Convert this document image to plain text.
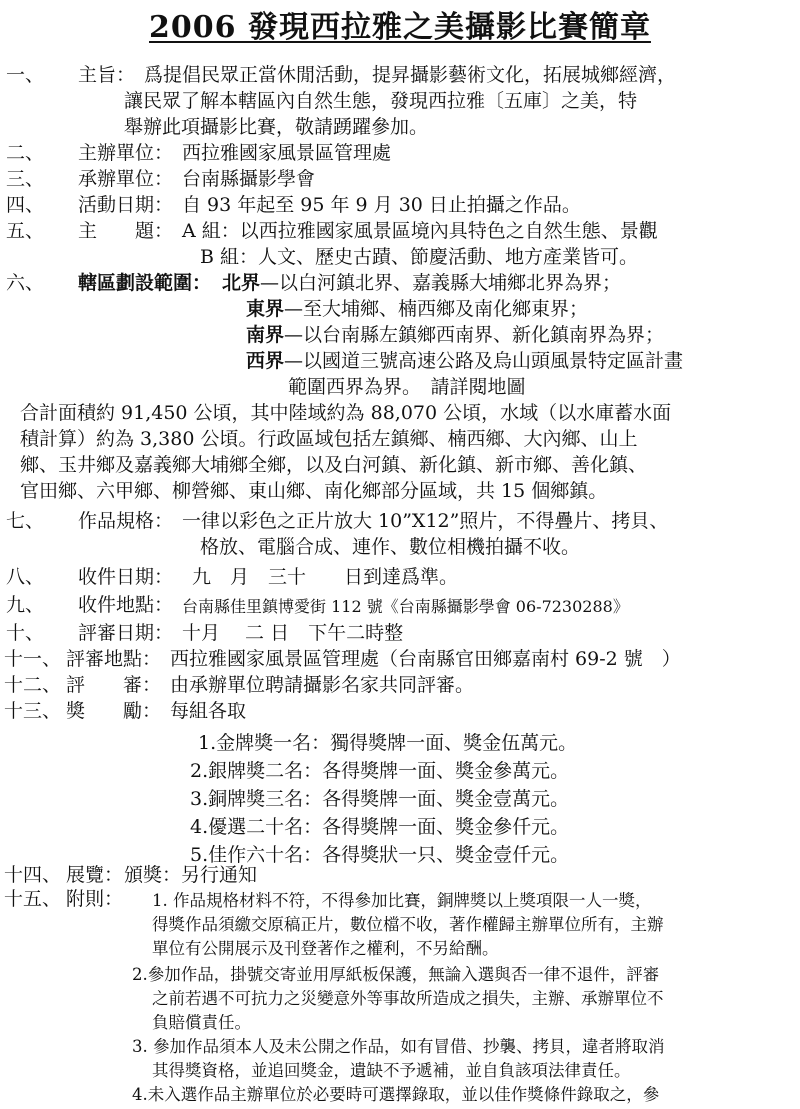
2006 發現西拉雅之美攝影比賽簡章
一、 主旨： 爲提倡民眾正當休閒活動，提昇攝影藝術文化，拓展城鄉經濟，
讓民眾了解本轄區內自然生態，發現西拉雅〔五庫〕之美，特
舉辦此項攝影比賽，敬請踴躍參加。
二、 主辦單位： 西拉雅國家風景區管理處
三、 承辦單位： 台南縣攝影學會
四、 活動日期： 自 93 年起至 95 年 9 月 30 日止拍攝之作品。
五、 主　　題： A 組：以西拉雅國家風景區境內具特色之自然生態、景觀
B 組：人文、歷史古蹟、節慶活動、地方產業皆可。
六、 轄區劃設範圍： 北界—以白河鎮北界、嘉義縣大埔鄉北界為界；
東界—至大埔鄉、楠西鄉及南化鄉東界；
南界—以台南縣左鎮鄉西南界、新化鎮南界為界；
西界—以國道三號高速公路及烏山頭風景特定區計畫
範圍西界為界。　請詳閱地圖
合計面積約 91,450 公頃，其中陸域約為 88,070 公頃，水域（以水庫蓄水面
積計算）約為 3,380 公頃。行政區域包括左鎮鄉、楠西鄉、大內鄉、山上
鄉、玉井鄉及嘉義鄉大埔鄉全鄉，以及白河鎮、新化鎮、新市鄉、善化鎮、
官田鄉、六甲鄉、柳營鄉、東山鄉、南化鄉部分區域，共 15 個鄉鎮。
七、 作品規格： 一律以彩色之正片放大 10”X12”照片，不得疊片、拷貝、
格放、電腦合成、連作、數位相機拍攝不收。
八、 收件日期： 九　月　三十　　日到達爲準。
九、 收件地點： 台南縣佳里鎮博愛街 112 號《台南縣攝影學會 06-7230288》
十、 評審日期： 十月　 二 日　下午二時整
十一、 評審地點： 西拉雅國家風景區管理處（台南縣官田鄉嘉南村 69-2 號　）
十二、 評　　審： 由承辦單位聘請攝影名家共同評審。
十三、 獎　　勵： 每組各取
1.金牌獎一名：獨得獎牌一面、獎金伍萬元。
2.銀牌獎二名：各得獎牌一面、獎金參萬元。
3.銅牌獎三名：各得獎牌一面、獎金壹萬元。
4.優選二十名：各得獎牌一面、獎金參仟元。
5.佳作六十名：各得獎狀一只、獎金壹仟元。
十四、 展覽： 頒獎：另行通知
十五、 附則： 1. 作品規格材料不符，不得參加比賽，銅牌獎以上獎項限一人一獎，
得獎作品須繳交原稿正片，數位檔不收，著作權歸主辦單位所有，主辦
單位有公開展示及刊登著作之權利，不另給酬。
2.參加作品，掛號交寄並用厚紙板保護，無論入選與否一律不退件，評審
之前若遇不可抗力之災變意外等事故所造成之損失，主辦、承辦單位不
負賠償責任。
3. 參加作品須本人及未公開之作品，如有冒借、抄襲、拷貝，違者將取消
其得獎資格，並追回獎金，遺缺不予遞補，並自負該項法律責任。
4.未入選作品主辦單位於必要時可選擇錄取，並以佳作獎條件錄取之，參
